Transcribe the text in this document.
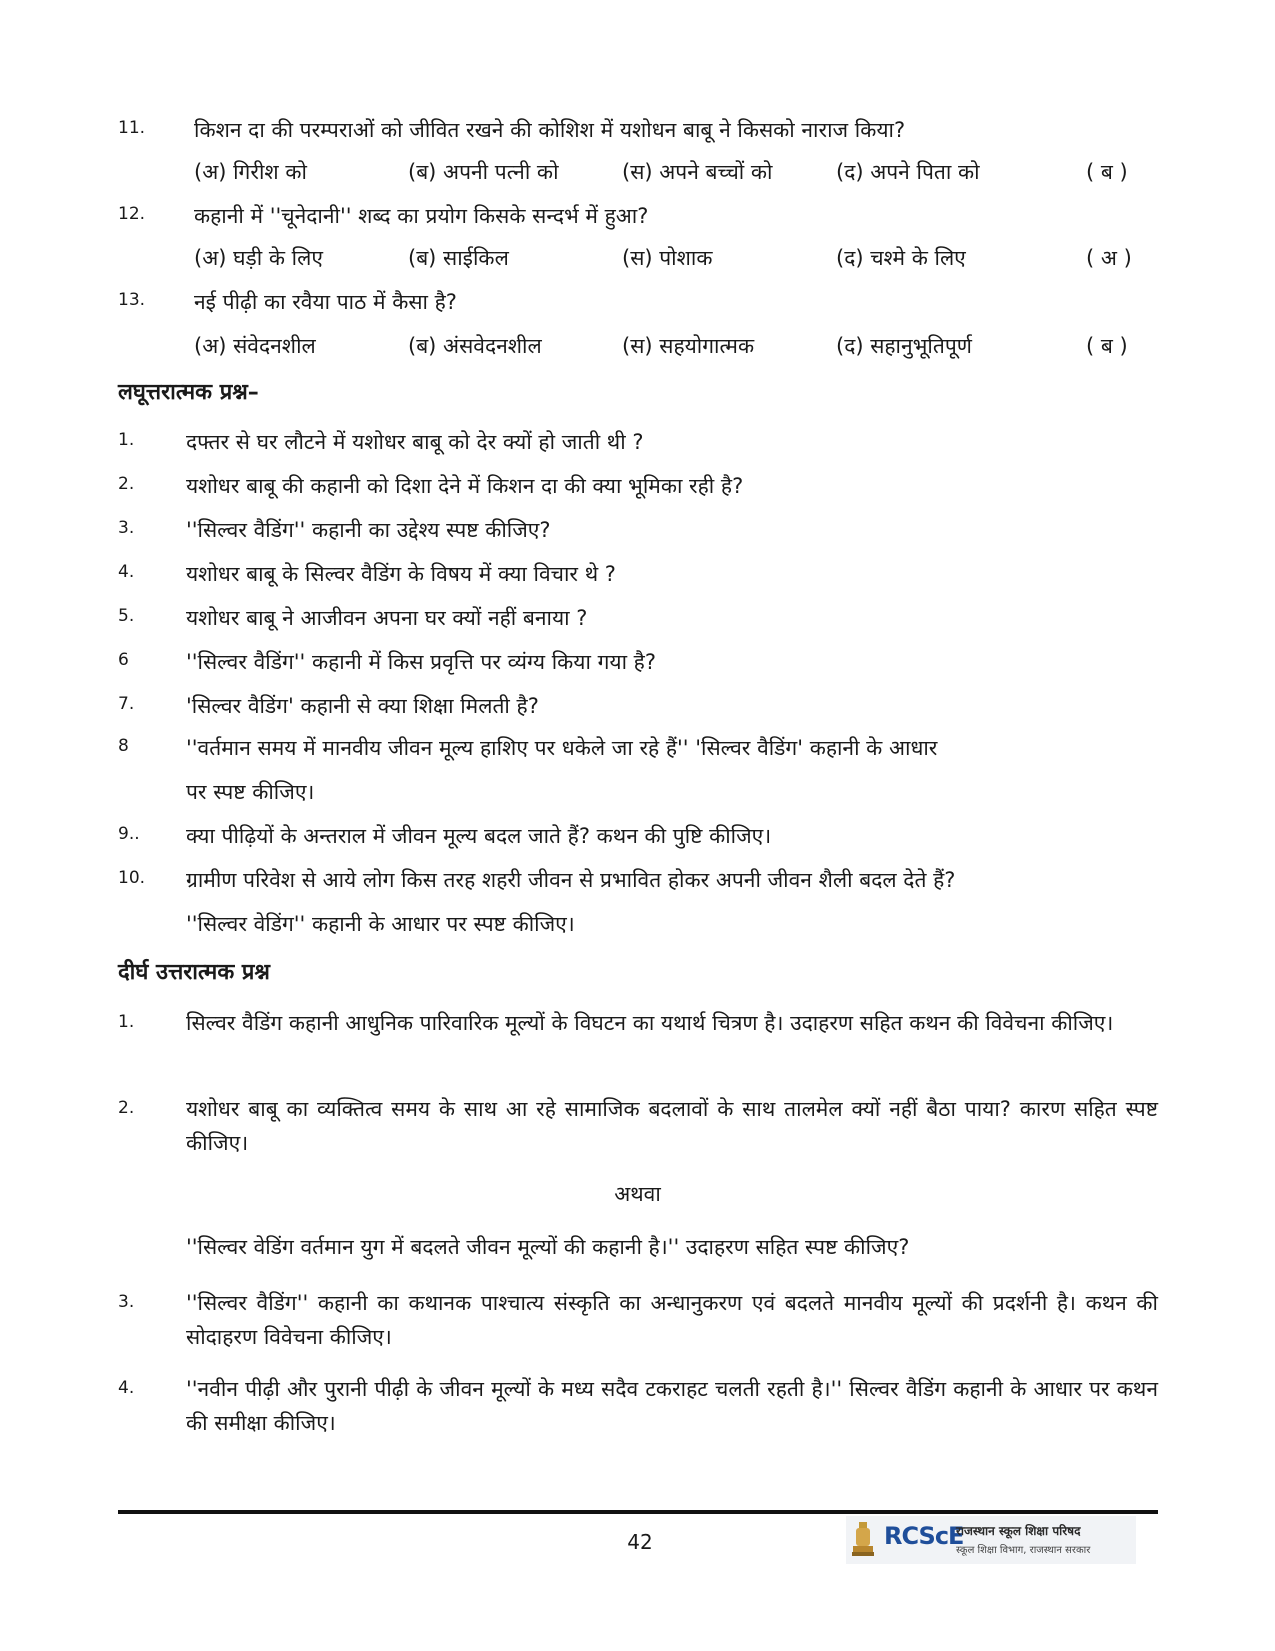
11. किशन दा की परम्पराओं को जीवित रखने की कोशिश में यशोधन बाबू ने किसको नाराज किया?
(अ) गिरीश को	(ब) अपनी पत्नी को	(स) अपने बच्चों को	(द) अपने पिता को	( ब )
12. कहानी में ''चूनेदानी'' शब्द का प्रयोग किसके सन्दर्भ में हुआ?
(अ) घड़ी के लिए	(ब) साईकिल	(स) पोशाक	(द) चश्मे के लिए	( अ )
13. नई पीढ़ी का रवैया पाठ में कैसा है?
(अ) संवेदनशील	(ब) अंसवेदनशील	(स) सहयोगात्मक	(द) सहानुभूतिपूर्ण	( ब )
लघूत्तरात्मक प्रश्न–
1. दफ्तर से घर लौटने में यशोधर बाबू को देर क्यों हो जाती थी ?
2. यशोधर बाबू की कहानी को दिशा देने में किशन दा की क्या भूमिका रही है?
3. ''सिल्वर वैडिंग'' कहानी का उद्देश्य स्पष्ट कीजिए?
4. यशोधर बाबू के सिल्वर वैडिंग के विषय में क्या विचार थे ?
5. यशोधर बाबू ने आजीवन अपना घर क्यों नहीं बनाया ?
6	''सिल्वर वैडिंग'' कहानी में किस प्रवृत्ति पर व्यंग्य किया गया है?
7. 'सिल्वर वैडिंग' कहानी से क्या शिक्षा मिलती है?
8	''वर्तमान समय में मानवीय जीवन मूल्य हाशिए पर धकेले जा रहे हैं'' 'सिल्वर वैडिंग' कहानी के आधार
पर स्पष्ट कीजिए।
9.. क्या पीढ़ियों के अन्तराल में जीवन मूल्य बदल जाते हैं? कथन की पुष्टि कीजिए।
10. ग्रामीण परिवेश से आये लोग किस तरह शहरी जीवन से प्रभावित होकर अपनी जीवन शैली बदल देते हैं?
''सिल्वर वेडिंग'' कहानी के आधार पर स्पष्ट कीजिए।
दीर्घ उत्तरात्मक प्रश्न
1. सिल्वर वैडिंग कहानी आधुनिक पारिवारिक मूल्यों के विघटन का यथार्थ चित्रण है। उदाहरण सहित कथन की विवेचना कीजिए।
2. यशोधर बाबू का व्यक्तित्व समय के साथ आ रहे सामाजिक बदलावों के साथ तालमेल क्यों नहीं बैठा पाया? कारण सहित स्पष्ट कीजिए।
अथवा
''सिल्वर वेडिंग वर्तमान युग में बदलते जीवन मूल्यों की कहानी है।'' उदाहरण सहित स्पष्ट कीजिए?
3. ''सिल्वर वैडिंग'' कहानी का कथानक पाश्चात्य संस्कृति का अन्धानुकरण एवं बदलते मानवीय मूल्यों की प्रदर्शनी है। कथन की सोदाहरण विवेचना कीजिए।
4. ''नवीन पीढ़ी और पुरानी पीढ़ी के जीवन मूल्यों के मध्य सदैव टकराहट चलती रहती है।'' सिल्वर वैडिंग कहानी के आधार पर कथन की समीक्षा कीजिए।
42	RCScE
राजस्थान स्कूल शिक्षा परिषद
स्कूल शिक्षा विभाग, राजस्थान सरकार
